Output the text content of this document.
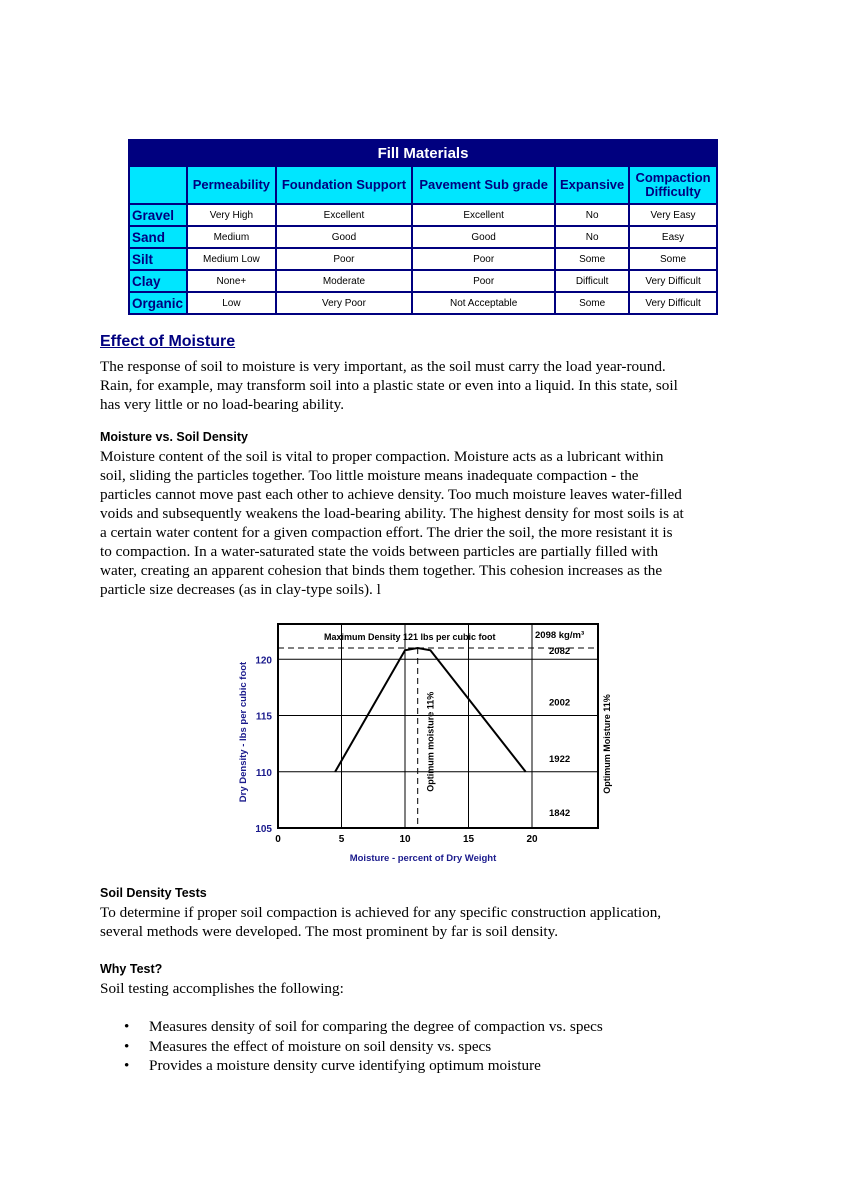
Fill Materials					
	Permeability	Foundation Support	Pavement Sub grade	Expansive	Compaction Difficulty
Gravel	Very High	Excellent	Excellent	No	Very Easy
Sand	Medium	Good	Good	No	Easy
Silt	Medium Low	Poor	Poor	Some	Some
Clay	None+	Moderate	Poor	Difficult	Very Difficult
Organic	Low	Very Poor	Not Acceptable	Some	Very Difficult
Effect of Moisture

The response of soil to moisture is very important, as the soil must carry the load year-round.
Rain, for example, may transform soil into a plastic state or even into a liquid. In this state, soil
has very little or no load-bearing ability.

Moisture vs. Soil Density

Moisture content of the soil is vital to proper compaction. Moisture acts as a lubricant within
soil, sliding the particles together. Too little moisture means inadequate compaction - the
particles cannot move past each other to achieve density. Too much moisture leaves water-filled
voids and subsequently weakens the load-bearing ability. The highest density for most soils is at
a certain water content for a given compaction effort. The drier the soil, the more resistant it is
to compaction. In a water-saturated state the voids between particles are partially filled with
water, creating an apparent cohesion that binds them together. This cohesion increases as the
particle size decreases (as in clay-type soils). l

105
110
115
120
0	5	10	15	20
2098 kg/m³
2082
2002
1922
1842
Maximum Density 121 lbs per cubic foot
Optimum moisture 11%	Optimum Moisture 11%
Moisture - percent of Dry Weight
Dry Density - lbs per cubic foot
Soil Density Tests

To determine if proper soil compaction is achieved for any specific construction application,
several methods were developed. The most prominent by far is soil density.

Why Test?

Soil testing accomplishes the following:

• Measures density of soil for comparing the degree of compaction vs. specs
• Measures the effect of moisture on soil density vs. specs
• Provides a moisture density curve identifying optimum moisture
